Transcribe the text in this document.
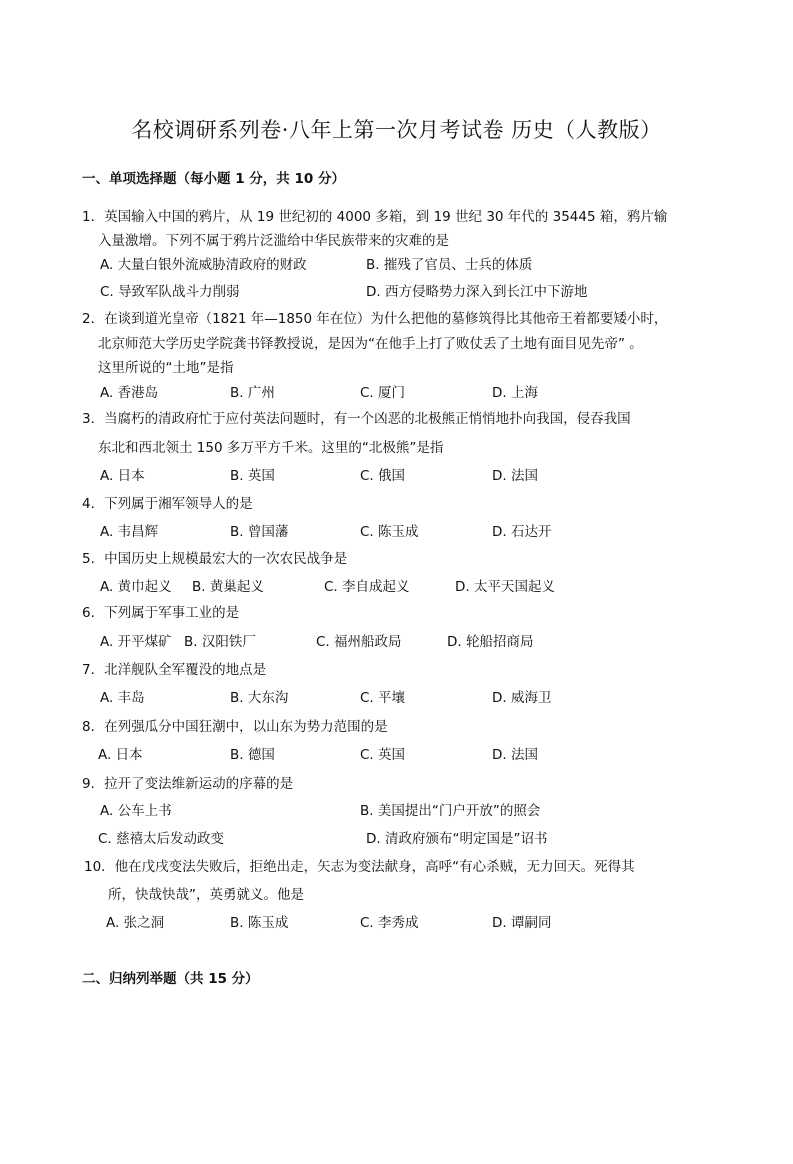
名校调研系列卷·八年上第一次月考试卷 历史（人教版）
一、单项选择题（每小题 1 分，共 10 分）
1．英国输入中国的鸦片，从 19 世纪初的 4000 多箱，到 19 世纪 30 年代的 35445 箱，鸦片输
入量激增。下列不属于鸦片泛滥给中华民族带来的灾难的是
A. 大量白银外流威胁清政府的财政	B. 摧残了官员、士兵的体质
C. 导致军队战斗力削弱	D. 西方侵略势力深入到长江中下游地
2．在谈到道光皇帝（1821 年—1850 年在位）为什么把他的墓修筑得比其他帝王着都要矮小时，
北京师范大学历史学院龚书铎教授说，是因为“在他手上打了败仗丢了土地有面目见先帝” 。
这里所说的“土地”是指
A. 香港岛	B. 广州	C. 厦门	D. 上海
3．当腐朽的清政府忙于应付英法问题时，有一个凶恶的北极熊正悄悄地扑向我国，侵吞我国
东北和西北领土 150 多万平方千米。这里的“北极熊”是指
A. 日本	B. 英国	C. 俄国	D. 法国
4．下列属于湘军领导人的是
A. 韦昌辉	B. 曾国藩	C. 陈玉成	D. 石达开
5．中国历史上规模最宏大的一次农民战争是
A. 黄巾起义 B. 黄巢起义	C. 李自成起义	D. 太平天国起义
6．下列属于军事工业的是
A. 开平煤矿 B. 汉阳铁厂	C. 福州船政局	D. 轮船招商局
7．北洋舰队全军覆没的地点是
A. 丰岛	B. 大东沟	C. 平壤	D. 威海卫
8．在列强瓜分中国狂潮中，以山东为势力范围的是
A. 日本	B. 德国	C. 英国	D. 法国
9．拉开了变法维新运动的序幕的是
A. 公车上书	B. 美国提出“门户开放”的照会
C. 慈禧太后发动政变	D. 清政府颁布“明定国是”诏书
10．他在戊戌变法失败后，拒绝出走，矢志为变法献身，高呼“有心杀贼，无力回天。死得其
所，快哉快哉”，英勇就义。他是
A. 张之洞	B. 陈玉成	C. 李秀成	D. 谭嗣同
二、归纳列举题（共 15 分）
